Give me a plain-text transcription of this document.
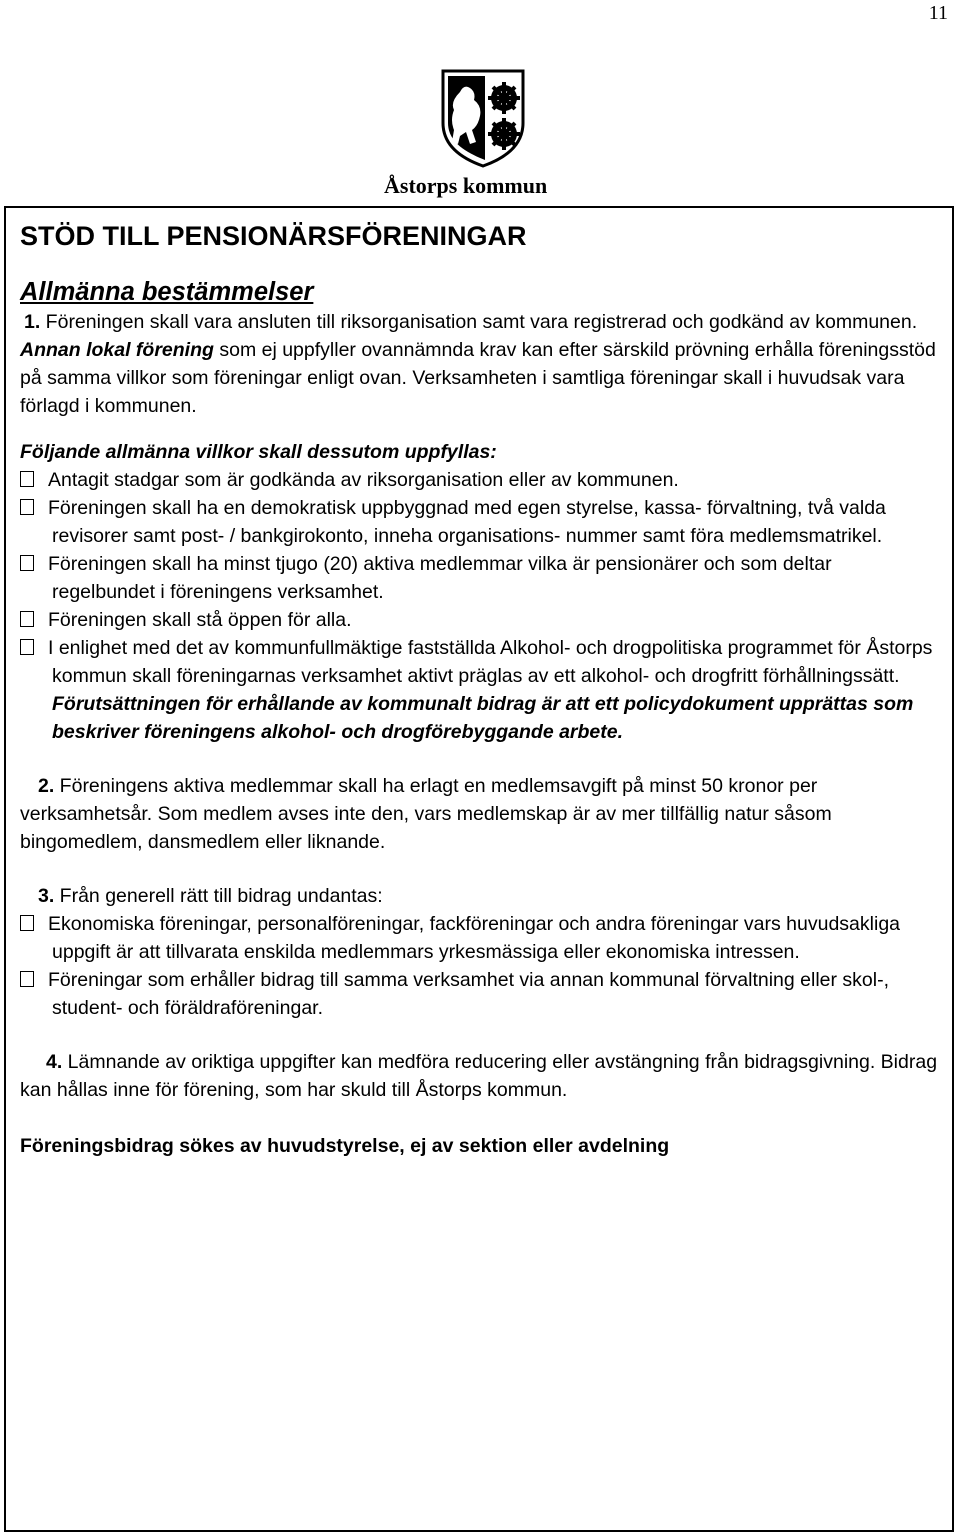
11
Åstorps kommun
STÖD TILL PENSIONÄRSFÖRENINGAR
Allmänna bestämmelser

1. Föreningen skall vara ansluten till riksorganisation samt vara registrerad och godkänd av kommunen. Annan lokal förening som ej uppfyller ovannämnda krav kan efter särskild prövning erhålla föreningsstöd på samma villkor som föreningar enligt ovan. Verksamheten i samtliga föreningar skall i huvudsak vara förlagd i kommunen.

Följande allmänna villkor skall dessutom uppfyllas:

Antagit stadgar som är godkända av riksorganisation eller av kommunen.

Föreningen skall ha en demokratisk uppbyggnad med egen styrelse, kassa- förvaltning, två valda revisorer samt post- / bankgirokonto, inneha organisations- nummer samt föra medlemsmatrikel.

Föreningen skall ha minst tjugo (20) aktiva medlemmar vilka är pensionärer och som deltar regelbundet i föreningens verksamhet.

Föreningen skall stå öppen för alla.

I enlighet med det av kommunfullmäktige fastställda Alkohol- och drogpolitiska programmet för Åstorps kommun skall föreningarnas verksamhet aktivt präglas av ett alkohol- och drogfritt förhållningssätt.

Förutsättningen för erhållande av kommunalt bidrag är att ett policydokument upprättas som beskriver föreningens alkohol- och drogförebyggande arbete.

2. Föreningens aktiva medlemmar skall ha erlagt en medlemsavgift på minst 50 kronor per verksamhetsår. Som medlem avses inte den, vars medlemskap är av mer tillfällig natur såsom bingomedlem, dansmedlem eller liknande.

3. Från generell rätt till bidrag undantas:

Ekonomiska föreningar, personalföreningar, fackföreningar och andra föreningar vars huvudsakliga uppgift är att tillvarata enskilda medlemmars yrkesmässiga eller ekonomiska intressen.

Föreningar som erhåller bidrag till samma verksamhet via annan kommunal förvaltning eller skol-, student- och föräldraföreningar.

4. Lämnande av oriktiga uppgifter kan medföra reducering eller avstängning från bidragsgivning. Bidrag kan hållas inne för förening, som har skuld till Åstorps kommun.

Föreningsbidrag sökes av huvudstyrelse, ej av sektion eller avdelning
